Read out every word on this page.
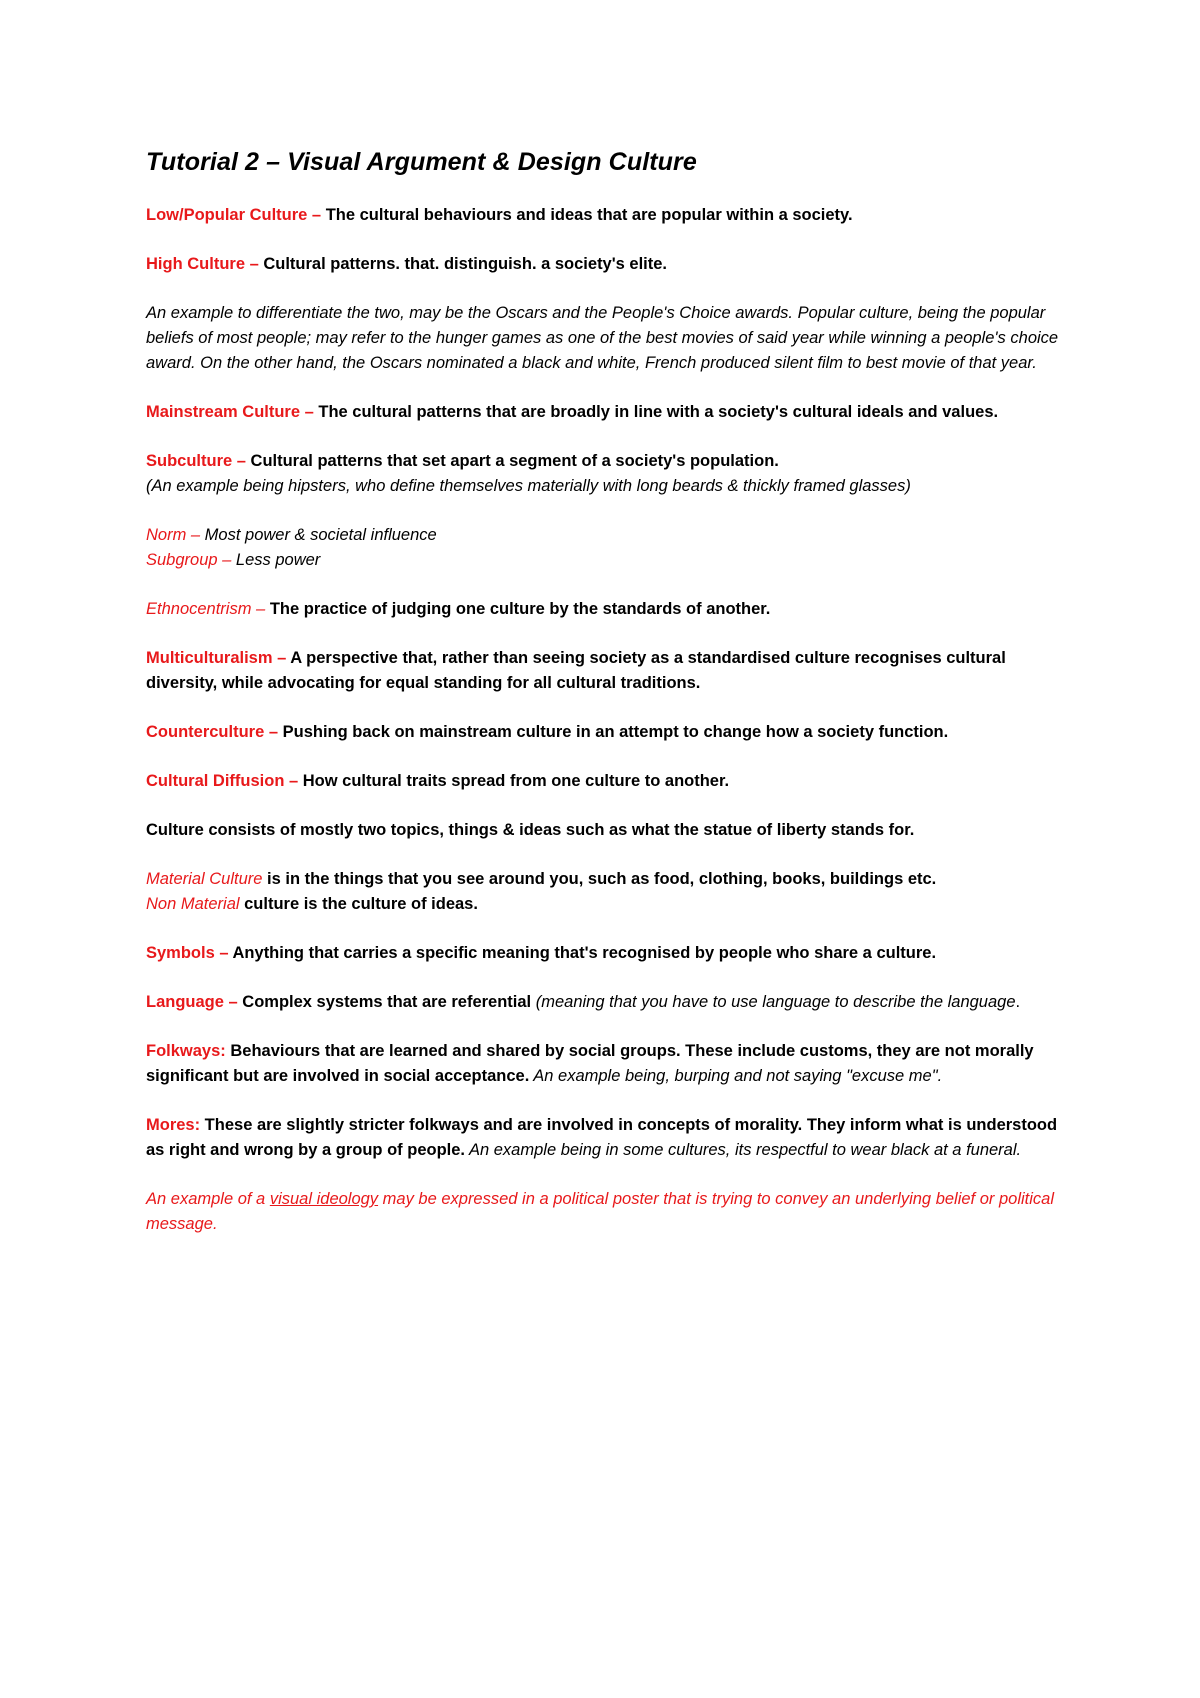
Tutorial 2 – Visual Argument & Design Culture
Low/Popular Culture – The cultural behaviours and ideas that are popular within a society.
High Culture – Cultural patterns. that. distinguish. a society's elite.
An example to differentiate the two, may be the Oscars and the People's Choice awards. Popular culture, being the popular beliefs of most people; may refer to the hunger games as one of the best movies of said year while winning a people's choice award. On the other hand, the Oscars nominated a black and white, French produced silent film to best movie of that year.
Mainstream Culture – The cultural patterns that are broadly in line with a society's cultural ideals and values.
Subculture – Cultural patterns that set apart a segment of a society's population.
(An example being hipsters, who define themselves materially with long beards & thickly framed glasses)
Norm – Most power & societal influence
Subgroup – Less power
Ethnocentrism – The practice of judging one culture by the standards of another.
Multiculturalism – A perspective that, rather than seeing society as a standardised culture recognises cultural diversity, while advocating for equal standing for all cultural traditions.
Counterculture – Pushing back on mainstream culture in an attempt to change how a society function.
Cultural Diffusion – How cultural traits spread from one culture to another.
Culture consists of mostly two topics, things & ideas such as what the statue of liberty stands for.
Material Culture is in the things that you see around you, such as food, clothing, books, buildings etc.
Non Material culture is the culture of ideas.
Symbols – Anything that carries a specific meaning that's recognised by people who share a culture.
Language – Complex systems that are referential (meaning that you have to use language to describe the language.
Folkways: Behaviours that are learned and shared by social groups. These include customs, they are not morally significant but are involved in social acceptance. An example being, burping and not saying "excuse me".
Mores: These are slightly stricter folkways and are involved in concepts of morality. They inform what is understood as right and wrong by a group of people. An example being in some cultures, its respectful to wear black at a funeral.
An example of a visual ideology may be expressed in a political poster that is trying to convey an underlying belief or political message.
